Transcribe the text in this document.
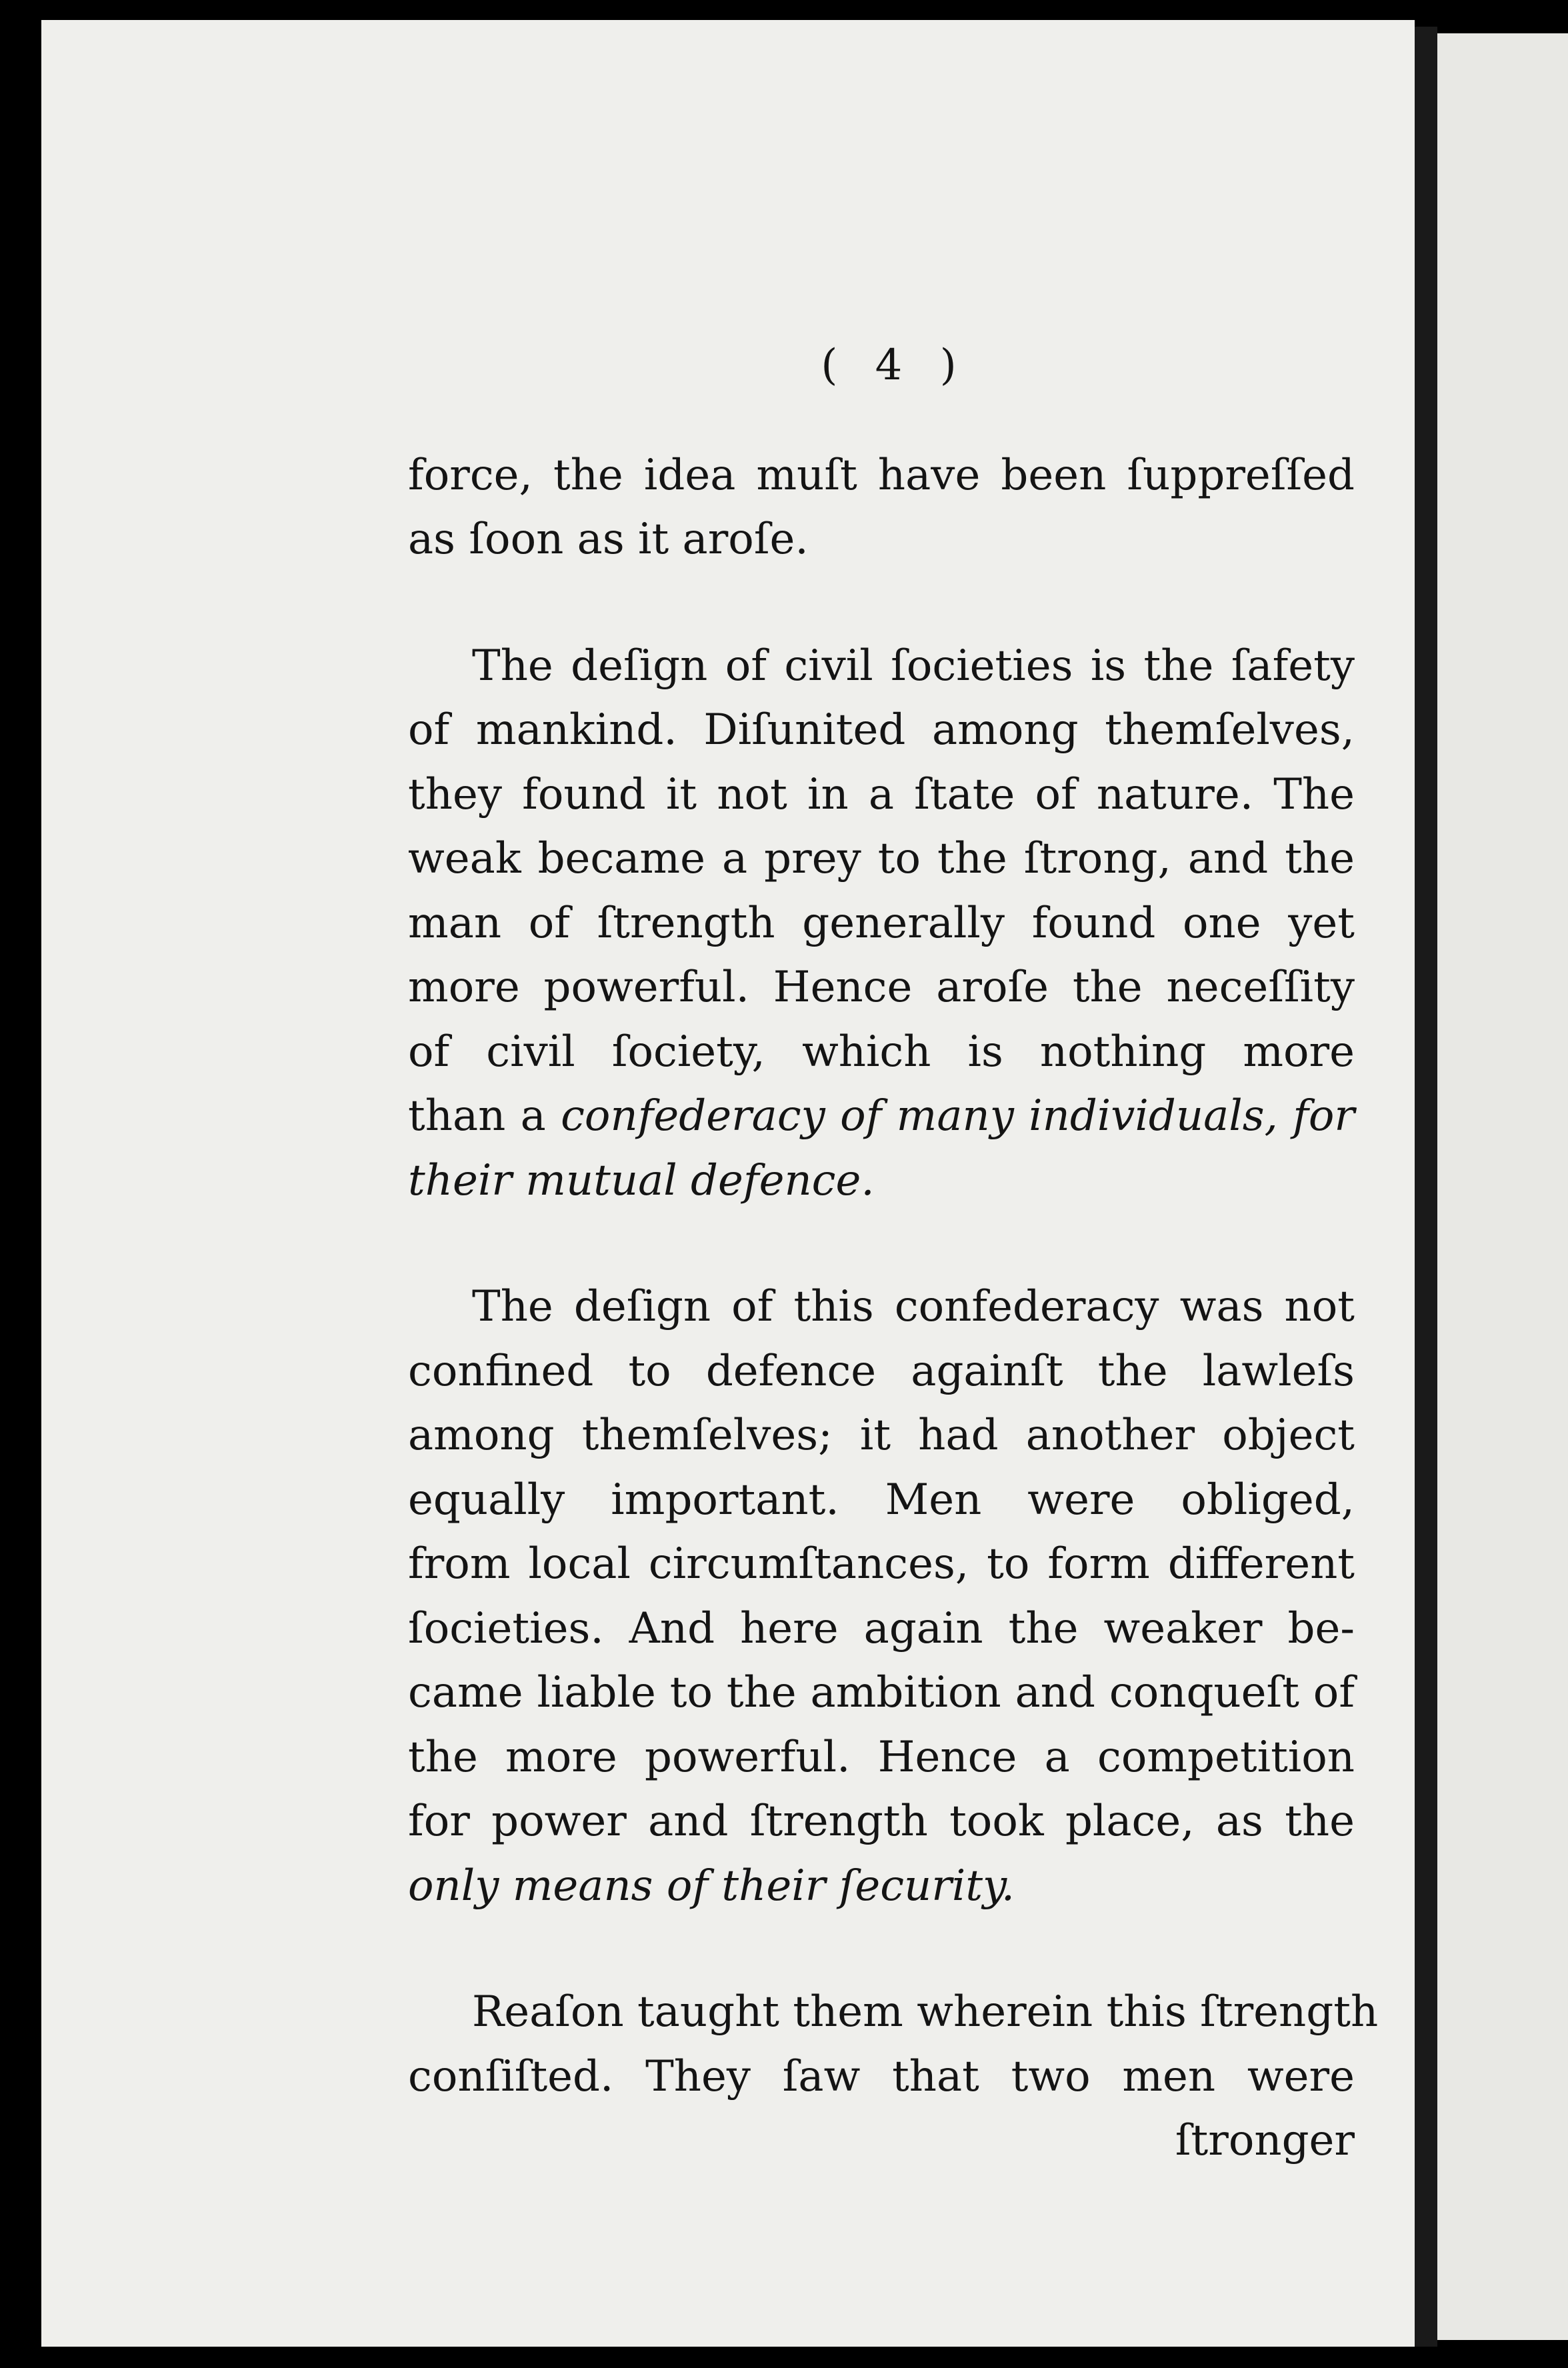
( 4 )
force, the idea muſt have been ſuppreſſed
as ſoon as it aroſe.
The deſign of civil ſocieties is the ſafety
of mankind. Diſunited among themſelves,
they found it not in a ſtate of nature. The
weak became a prey to the ſtrong, and the
man of ſtrength generally found one yet
more powerful. Hence aroſe the neceſſity
of civil ſociety, which is nothing more
than a confederacy of many individuals, for
their mutual defence.
The deſign of this confederacy was not
confined to defence againſt the lawleſs
among themſelves; it had another object
equally important. Men were obliged,
from local circumſtances, to form different
ſocieties. And here again the weaker be-
came liable to the ambition and conqueſt of
the more powerful. Hence a competition
for power and ſtrength took place, as the
only means of their ſecurity.
Reaſon taught them wherein this ſtrength
conſiſted. They ſaw that two men were
ſtronger
